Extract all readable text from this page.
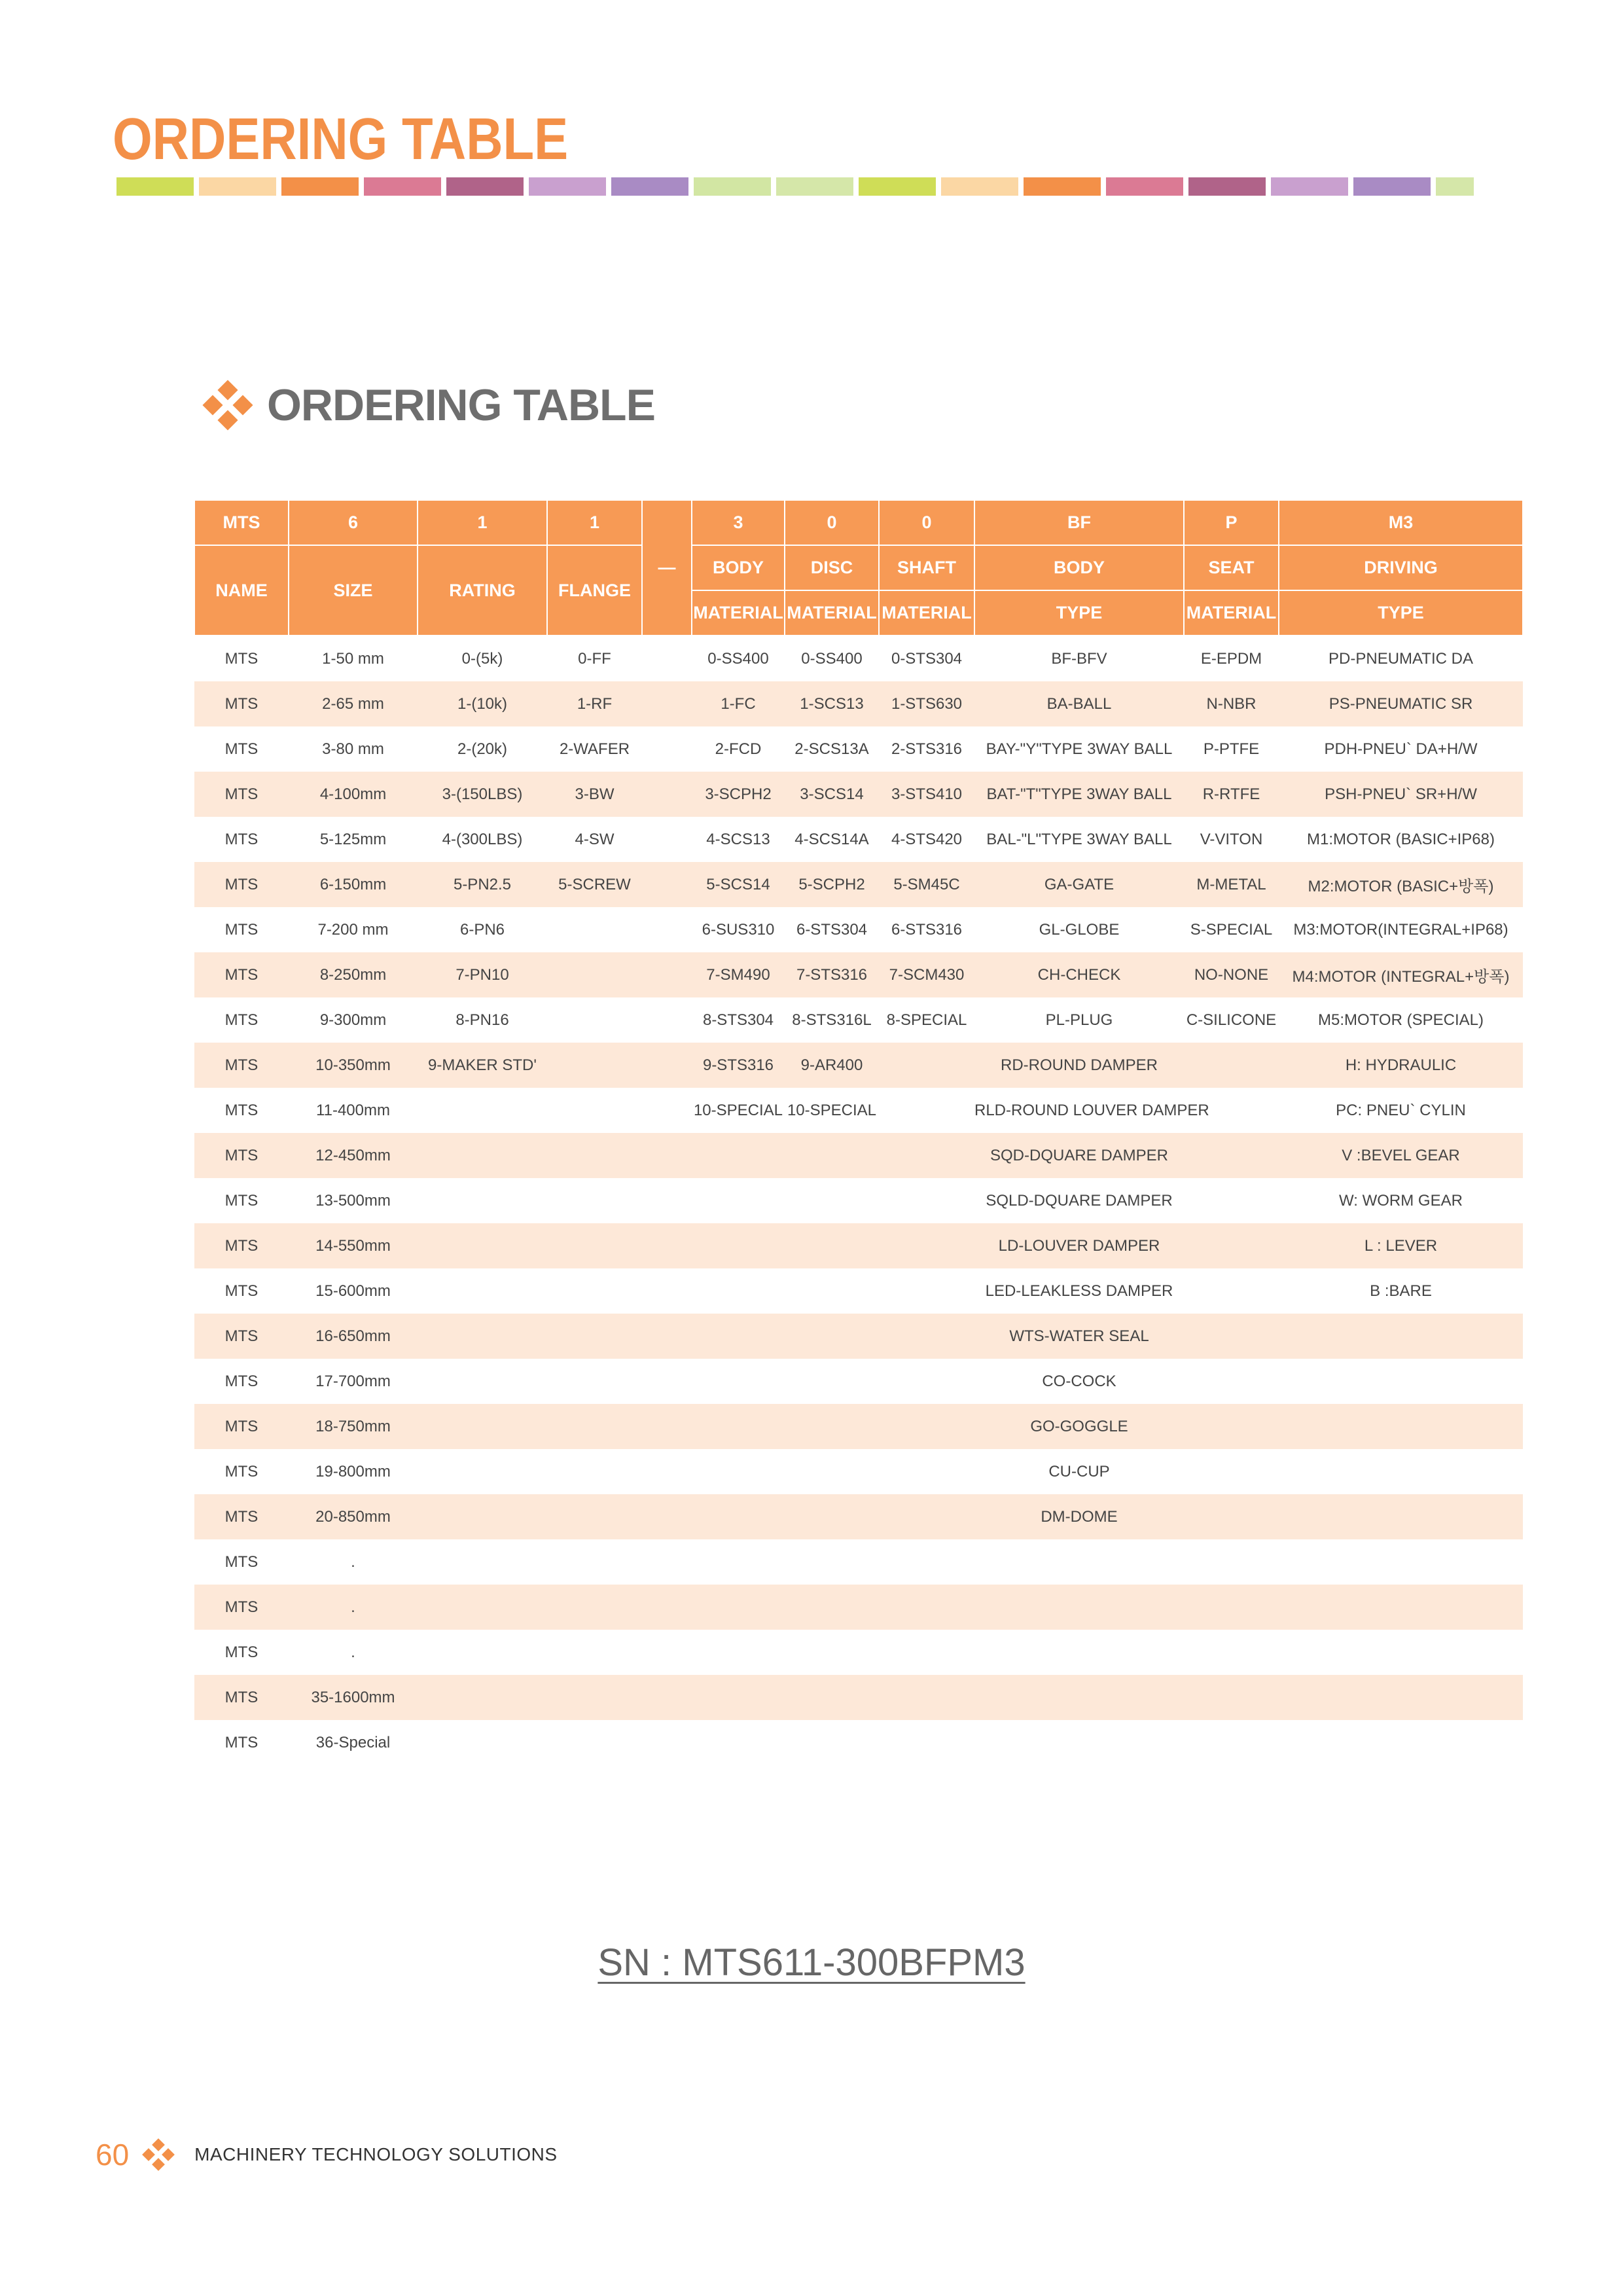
ORDERING TABLE
ORDERING TABLE
MTS	6	1	1	—	3	0	0	BF	P	M3
NAME	SIZE	RATING	FLANGE		BODY	DISC	SHAFT	BODY	SEAT	DRIVING
					MATERIAL	MATERIAL	MATERIAL	TYPE	MATERIAL	TYPE
MTS	1-50 mm	0-(5k)	0-FF		0-SS400	0-SS400	0-STS304	BF-BFV	E-EPDM	PD-PNEUMATIC DA
MTS	2-65 mm	1-(10k)	1-RF		1-FC	1-SCS13	1-STS630	BA-BALL	N-NBR	PS-PNEUMATIC SR
MTS	3-80 mm	2-(20k)	2-WAFER		2-FCD	2-SCS13A	2-STS316	BAY-"Y"TYPE 3WAY BALL	P-PTFE	PDH-PNEU` DA+H/W
MTS	4-100mm	3-(150LBS)	3-BW		3-SCPH2	3-SCS14	3-STS410	BAT-"T"TYPE 3WAY BALL	R-RTFE	PSH-PNEU` SR+H/W
MTS	5-125mm	4-(300LBS)	4-SW		4-SCS13	4-SCS14A	4-STS420	BAL-"L"TYPE 3WAY BALL	V-VITON	M1:MOTOR (BASIC+IP68)
MTS	6-150mm	5-PN2.5	5-SCREW		5-SCS14	5-SCPH2	5-SM45C	GA-GATE	M-METAL	M2:MOTOR (BASIC+방폭)
MTS	7-200 mm	6-PN6			6-SUS310	6-STS304	6-STS316	GL-GLOBE	S-SPECIAL	M3:MOTOR(INTEGRAL+IP68)
MTS	8-250mm	7-PN10			7-SM490	7-STS316	7-SCM430	CH-CHECK	NO-NONE	M4:MOTOR (INTEGRAL+방폭)
MTS	9-300mm	8-PN16			8-STS304	8-STS316L	8-SPECIAL	PL-PLUG	C-SILICONE	M5:MOTOR (SPECIAL)
MTS	10-350mm	9-MAKER STD'			9-STS316	9-AR400		RD-ROUND DAMPER		H: HYDRAULIC
MTS	11-400mm				10-SPECIAL	10-SPECIAL		RLD-ROUND LOUVER DAMPER		PC: PNEU` CYLIN
MTS	12-450mm							SQD-DQUARE DAMPER		V :BEVEL GEAR
MTS	13-500mm							SQLD-DQUARE DAMPER		W: WORM GEAR
MTS	14-550mm							LD-LOUVER DAMPER		L : LEVER
MTS	15-600mm							LED-LEAKLESS DAMPER		B :BARE
MTS	16-650mm							WTS-WATER SEAL		
MTS	17-700mm							CO-COCK		
MTS	18-750mm							GO-GOGGLE		
MTS	19-800mm							CU-CUP		
MTS	20-850mm							DM-DOME		
MTS	.									
MTS	.									
MTS	.									
MTS	35-1600mm									
MTS	36-Special									
SN : MTS611-300BFPM3
60	MACHINERY TECHNOLOGY SOLUTIONS
